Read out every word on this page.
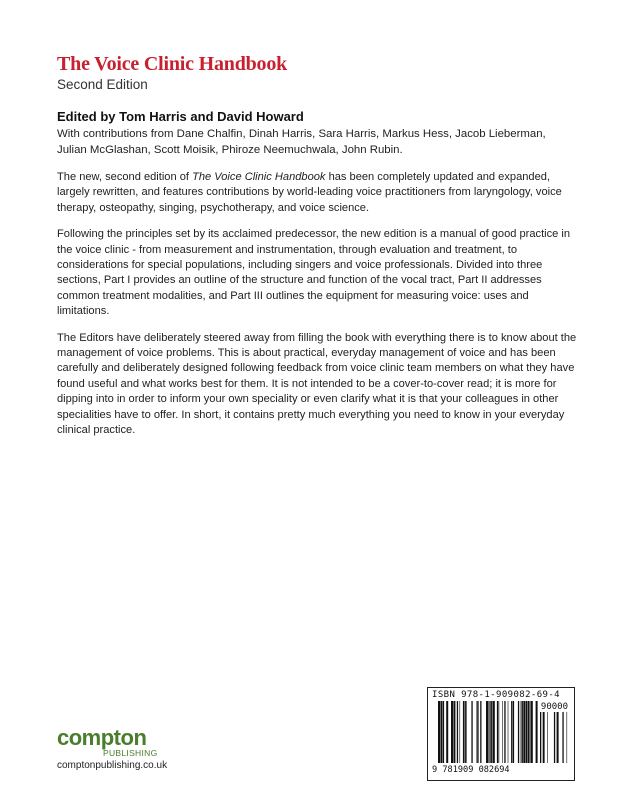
The Voice Clinic Handbook
Second Edition
Edited by Tom Harris and David Howard
With contributions from Dane Chalfin, Dinah Harris, Sara Harris, Markus Hess, Jacob Lieberman, Julian McGlashan, Scott Moisik, Phiroze Neemuchwala, John Rubin.

The new, second edition of The Voice Clinic Handbook has been completely updated and expanded, largely rewritten, and features contributions by world-leading voice practitioners from laryngology, voice therapy, osteopathy, singing, psychotherapy, and voice science.

Following the principles set by its acclaimed predecessor, the new edition is a manual of good practice in the voice clinic - from measurement and instrumentation, through evaluation and treatment, to considerations for special populations, including singers and voice professionals. Divided into three sections, Part I provides an outline of the structure and function of the vocal tract, Part II addresses common treatment modalities, and Part III outlines the equipment for measuring voice: uses and limitations.

The Editors have deliberately steered away from filling the book with everything there is to know about the management of voice problems. This is about practical, everyday management of voice and has been carefully and deliberately designed following feedback from voice clinic team members on what they have found useful and what works best for them. It is not intended to be a cover-to-cover read; it is more for dipping into in order to inform your own speciality or even clarify what it is that your colleagues in other specialities have to offer. In short, it contains pretty much everything you need to know in your everyday clinical practice.

compton
PUBLISHING
comptonpublishing.co.uk
ISBN 978-1-909082-69-4
90000
9 781909 082694
